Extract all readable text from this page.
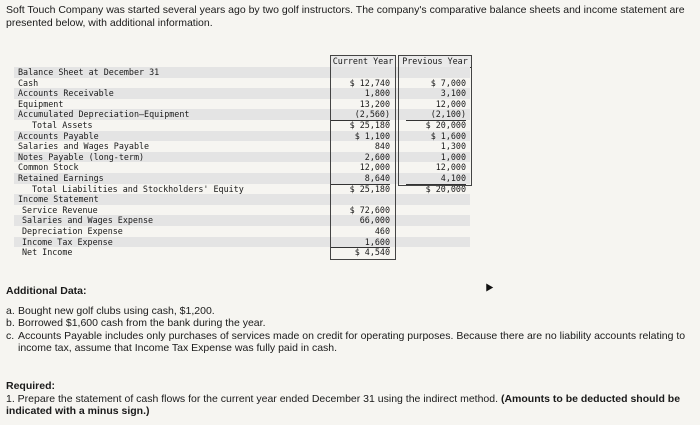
Soft Touch Company was started several years ago by two golf instructors. The company's comparative balance sheets and income statement are presented below, with additional information.
Current Year	Previous Year
Balance Sheet at December 31
Cash	$ 12,740	$ 7,000
Accounts Receivable	1,800	3,100
Equipment	13,200	12,000
Accumulated Depreciation—Equipment	(2,560)	(2,100)
Total Assets	$ 25,180	$ 20,000
Accounts Payable	$ 1,100	$ 1,600
Salaries and Wages Payable	840	1,300
Notes Payable (long-term)	2,600	1,000
Common Stock	12,000	12,000
Retained Earnings	8,640	4,100
Total Liabilities and Stockholders' Equity	$ 25,180	$ 20,000
Income Statement
Service Revenue	$ 72,600
Salaries and Wages Expense	66,000
Depreciation Expense	460
Income Tax Expense	1,600
Net Income	$ 4,540
Additional Data:
a. Bought new golf clubs using cash, $1,200.
b. Borrowed $1,600 cash from the bank during the year.
c. Accounts Payable includes only purchases of services made on credit for operating purposes. Because there are no liability accounts relating to income tax, assume that Income Tax Expense was fully paid in cash.
Required:
1. Prepare the statement of cash flows for the current year ended December 31 using the indirect method. (Amounts to be deducted should be indicated with a minus sign.)
